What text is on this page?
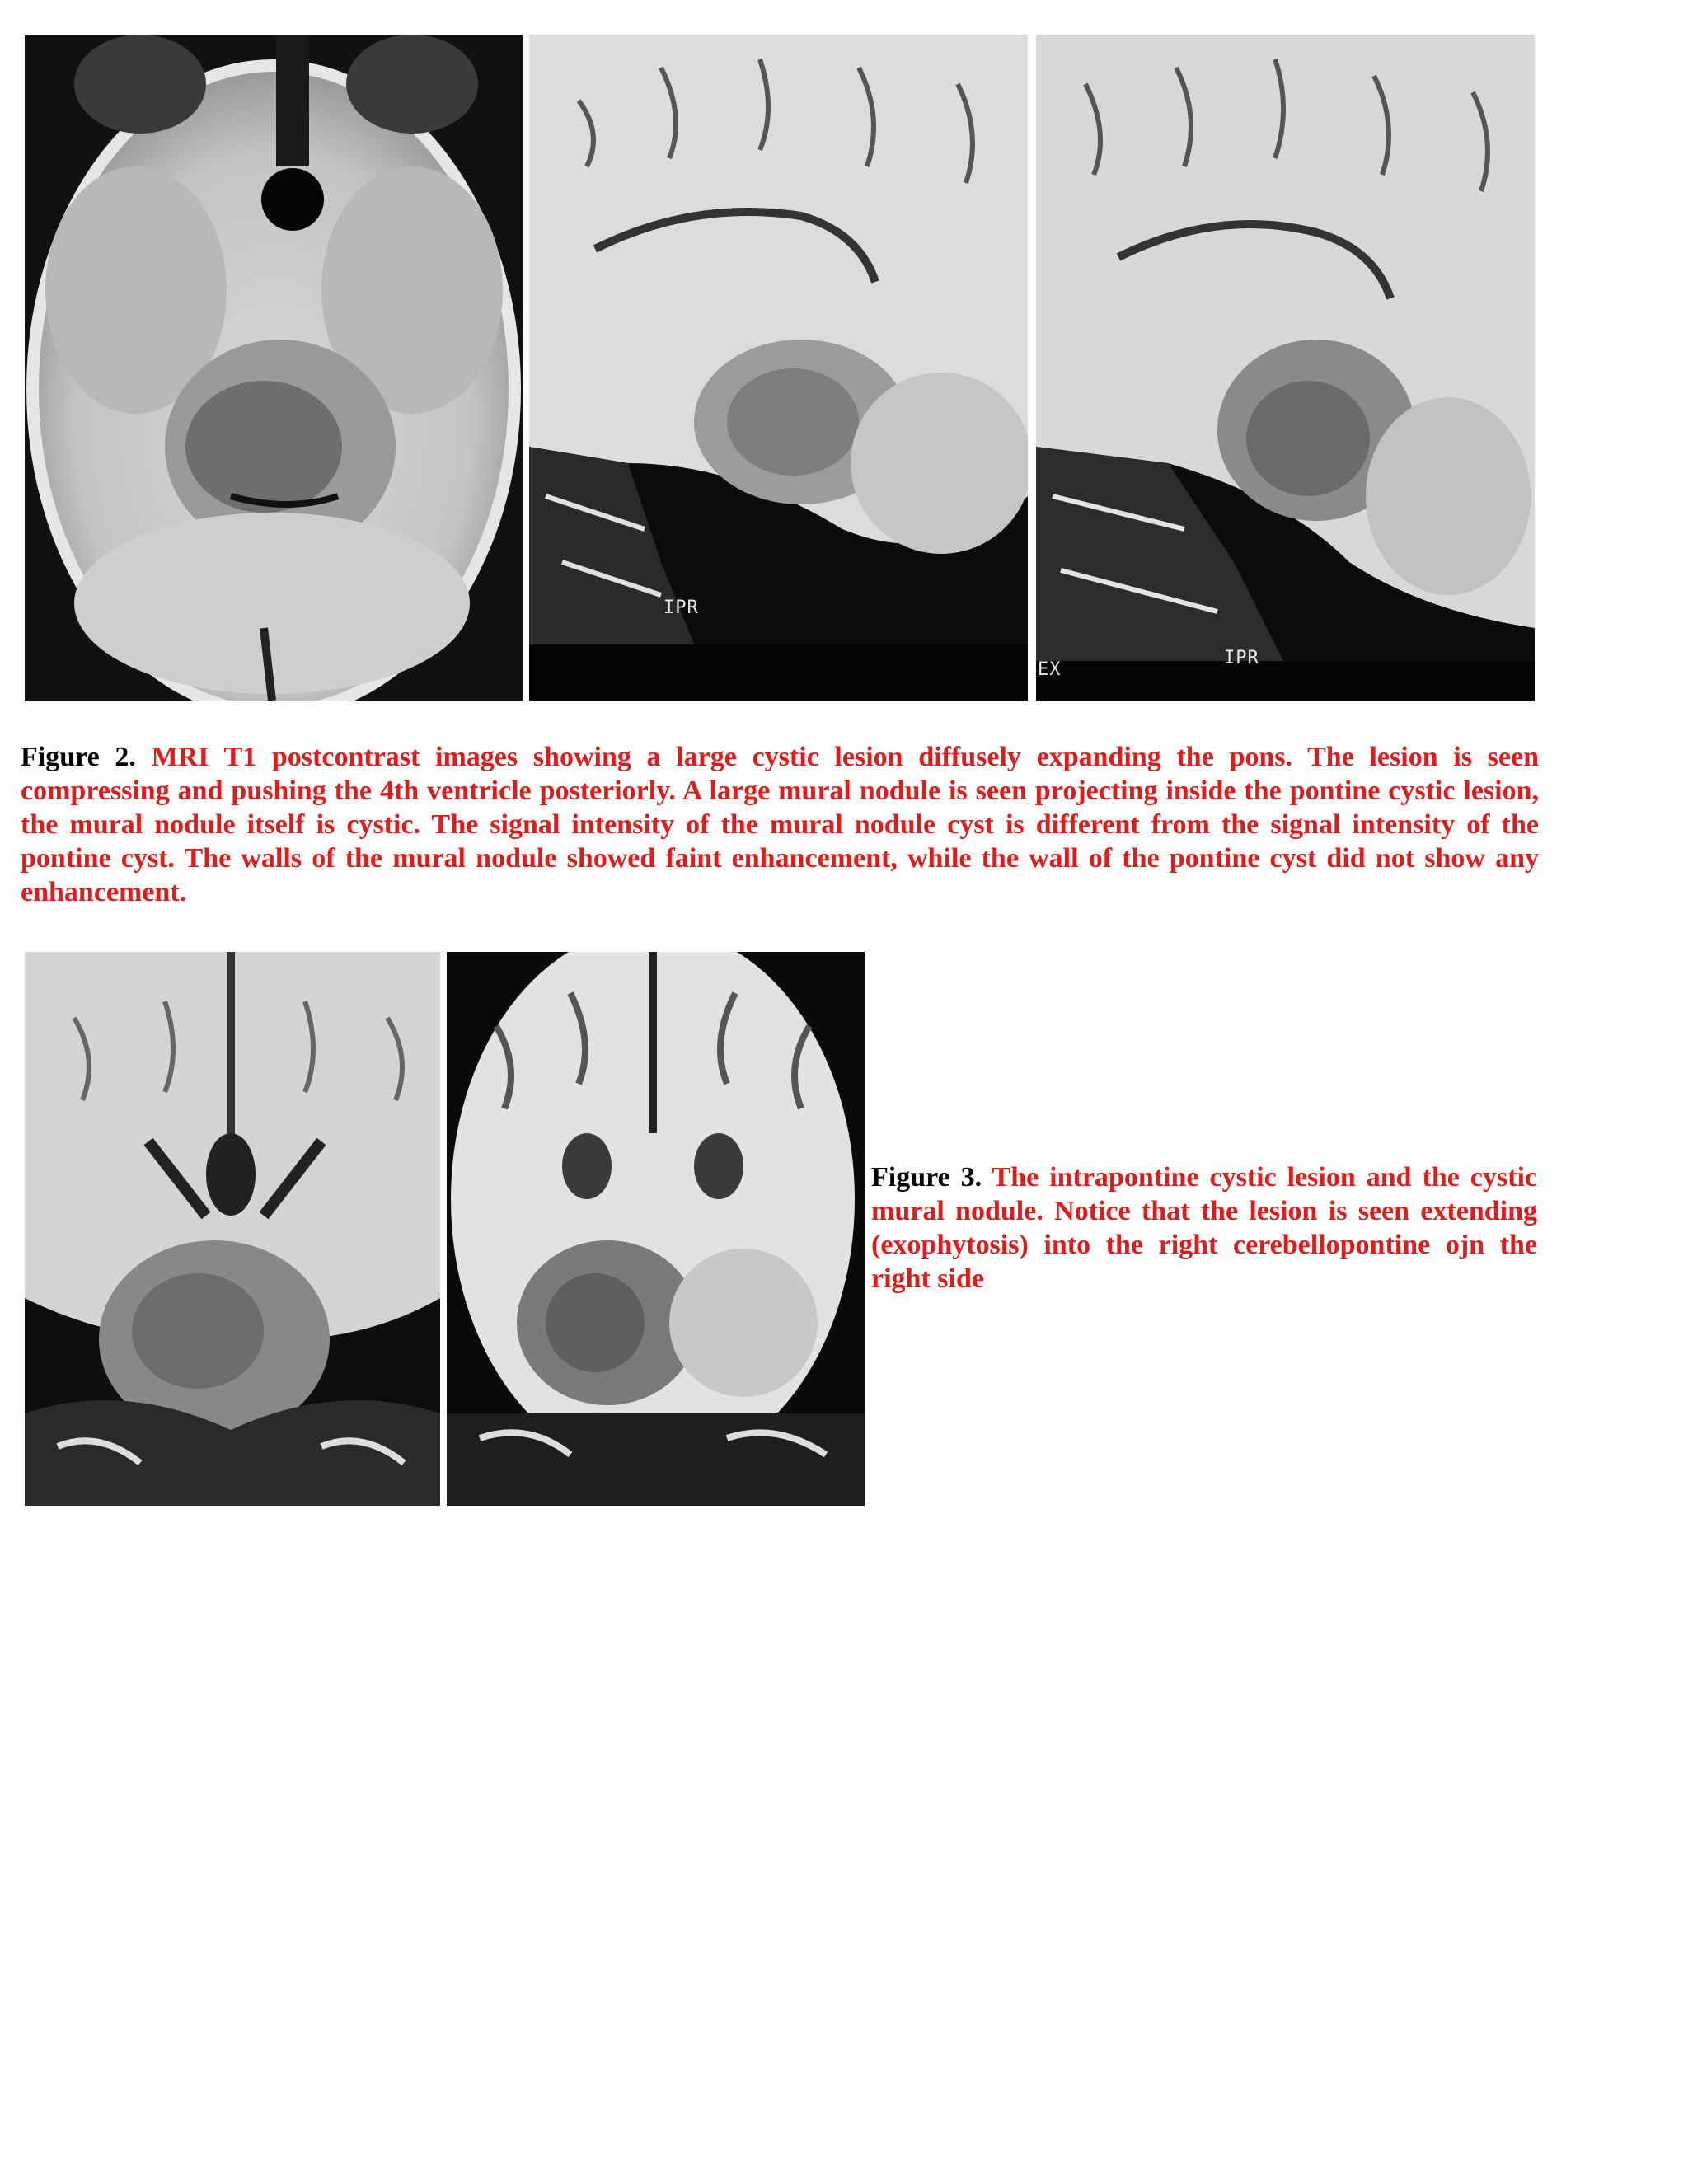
IPR
IPR
EX
Figure 2. MRI T1 postcontrast images showing a large cystic lesion diffusely expanding the pons. The lesion is seen compressing and pushing the 4th ventricle posteriorly. A large mural nodule is seen projecting inside the pontine cystic lesion, the mural nodule itself is cystic. The signal intensity of the mural nodule cyst is different from the signal intensity of the pontine cyst. The walls of the mural nodule showed faint enhancement, while the wall of the pontine cyst did not show any enhancement.
Figure 3. The intrapontine cystic lesion and the cystic mural nodule. Notice that the lesion is seen extending (exophytosis) into the right cerebellopontine ojn the right side
